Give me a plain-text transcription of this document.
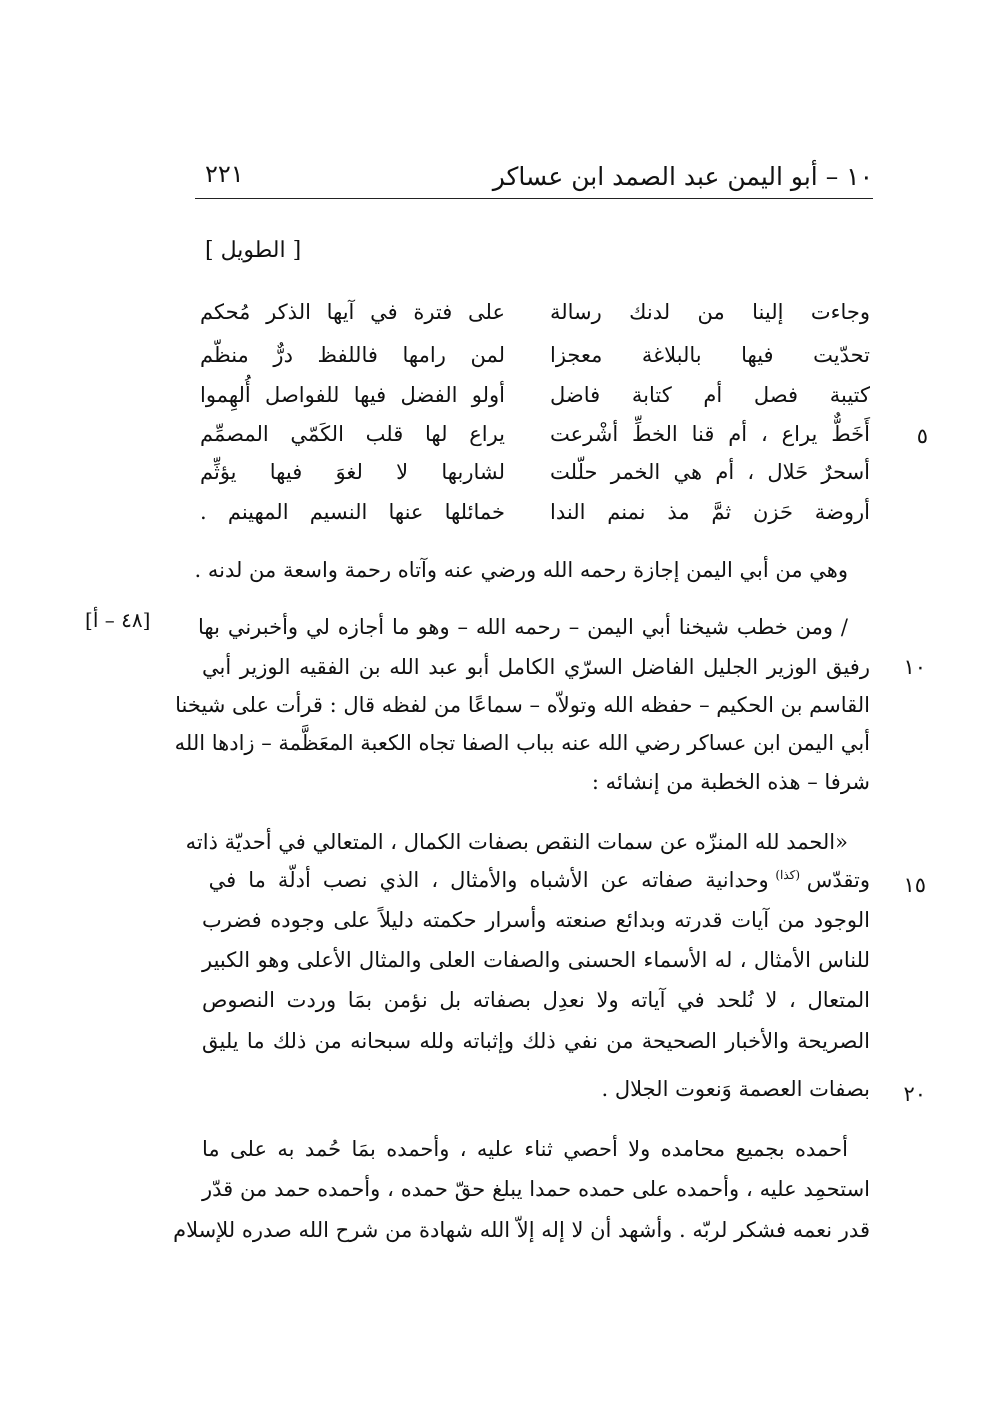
١٠ – أبو اليمن عبد الصمد ابن عساكر
٢٢١
[ الطويل ]
وجاءت إلينا من لدنك رسالة
على فترة في آيها الذكر مُحكم
تحدّيت فيها بالبلاغة معجزا
لمن رامها فاللفظ درٌّ منظّم
كتيبة فصل أم كتابة فاضل
أولو الفضل فيها للفواصل أُلهِموا
أَخَطٌّ يراع ، أم قنا الخطِّ أشْرعت
يراع لها قلب الكَمّي المصمِّم	٥
أسحرٌ حَلال ، أم هي الخمر حلّلت
لشاربها لا لغوَ فيها يؤثِّم
أروضة حَزن ثمَّ مذ نمنم الندا
خمائلها عنها النسيم المهينم .
وهي من أبي اليمن إجازة رحمه الله ورضي عنه وآتاه رحمة واسعة من لدنه .
[٤٨ – أ] / ومن خطب شيخنا أبي اليمن – رحمه الله – وهو ما أجازه لي وأخبرني بها
١٠
رفيق الوزير الجليل الفاضل السرّي الكامل أبو عبد الله بن الفقيه الوزير أبي
القاسم بن الحكيم – حفظه الله وتولاّه – سماعًا من لفظه قال : قرأت على شيخنا
أبي اليمن ابن عساكر رضي الله عنه بباب الصفا تجاه الكعبة المعَظَّمة – زادها الله
شرفا – هذه الخطبة من إنشائه :
«الحمد لله المنزّه عن سمات النقص بصفات الكمال ، المتعالي في أحديّة ذاته
١٥
وتقدّس $^{(كذا)}$ وحدانية صفاته عن الأشباه والأمثال ، الذي نصب أدلّة ما في
الوجود من آيات قدرته وبدائع صنعته وأسرار حكمته دليلاً على وجوده فضرب
للناس الأمثال ، له الأسماء الحسنى والصفات العلى والمثال الأعلى وهو الكبير
المتعال ، لا نُلحد في آياته ولا نعدِل بصفاته بل نؤمن بمَا وردت النصوص
الصريحة والأخبار الصحيحة من نفي ذلك وإثباته ولله سبحانه من ذلك ما يليق
٢٠
بصفات العصمة وَنعوت الجلال .
أحمده بجميع محامده ولا أحصي ثناء عليه ، وأحمده بمَا حُمد به على ما
استحمِد عليه ، وأحمده على حمده حمدا يبلغ حقّ حمده ، وأحمده حمد من قدّر
قدر نعمه فشكر لربّه . وأشهد أن لا إله إلاّ الله شهادة من شرح الله صدره للإسلام
